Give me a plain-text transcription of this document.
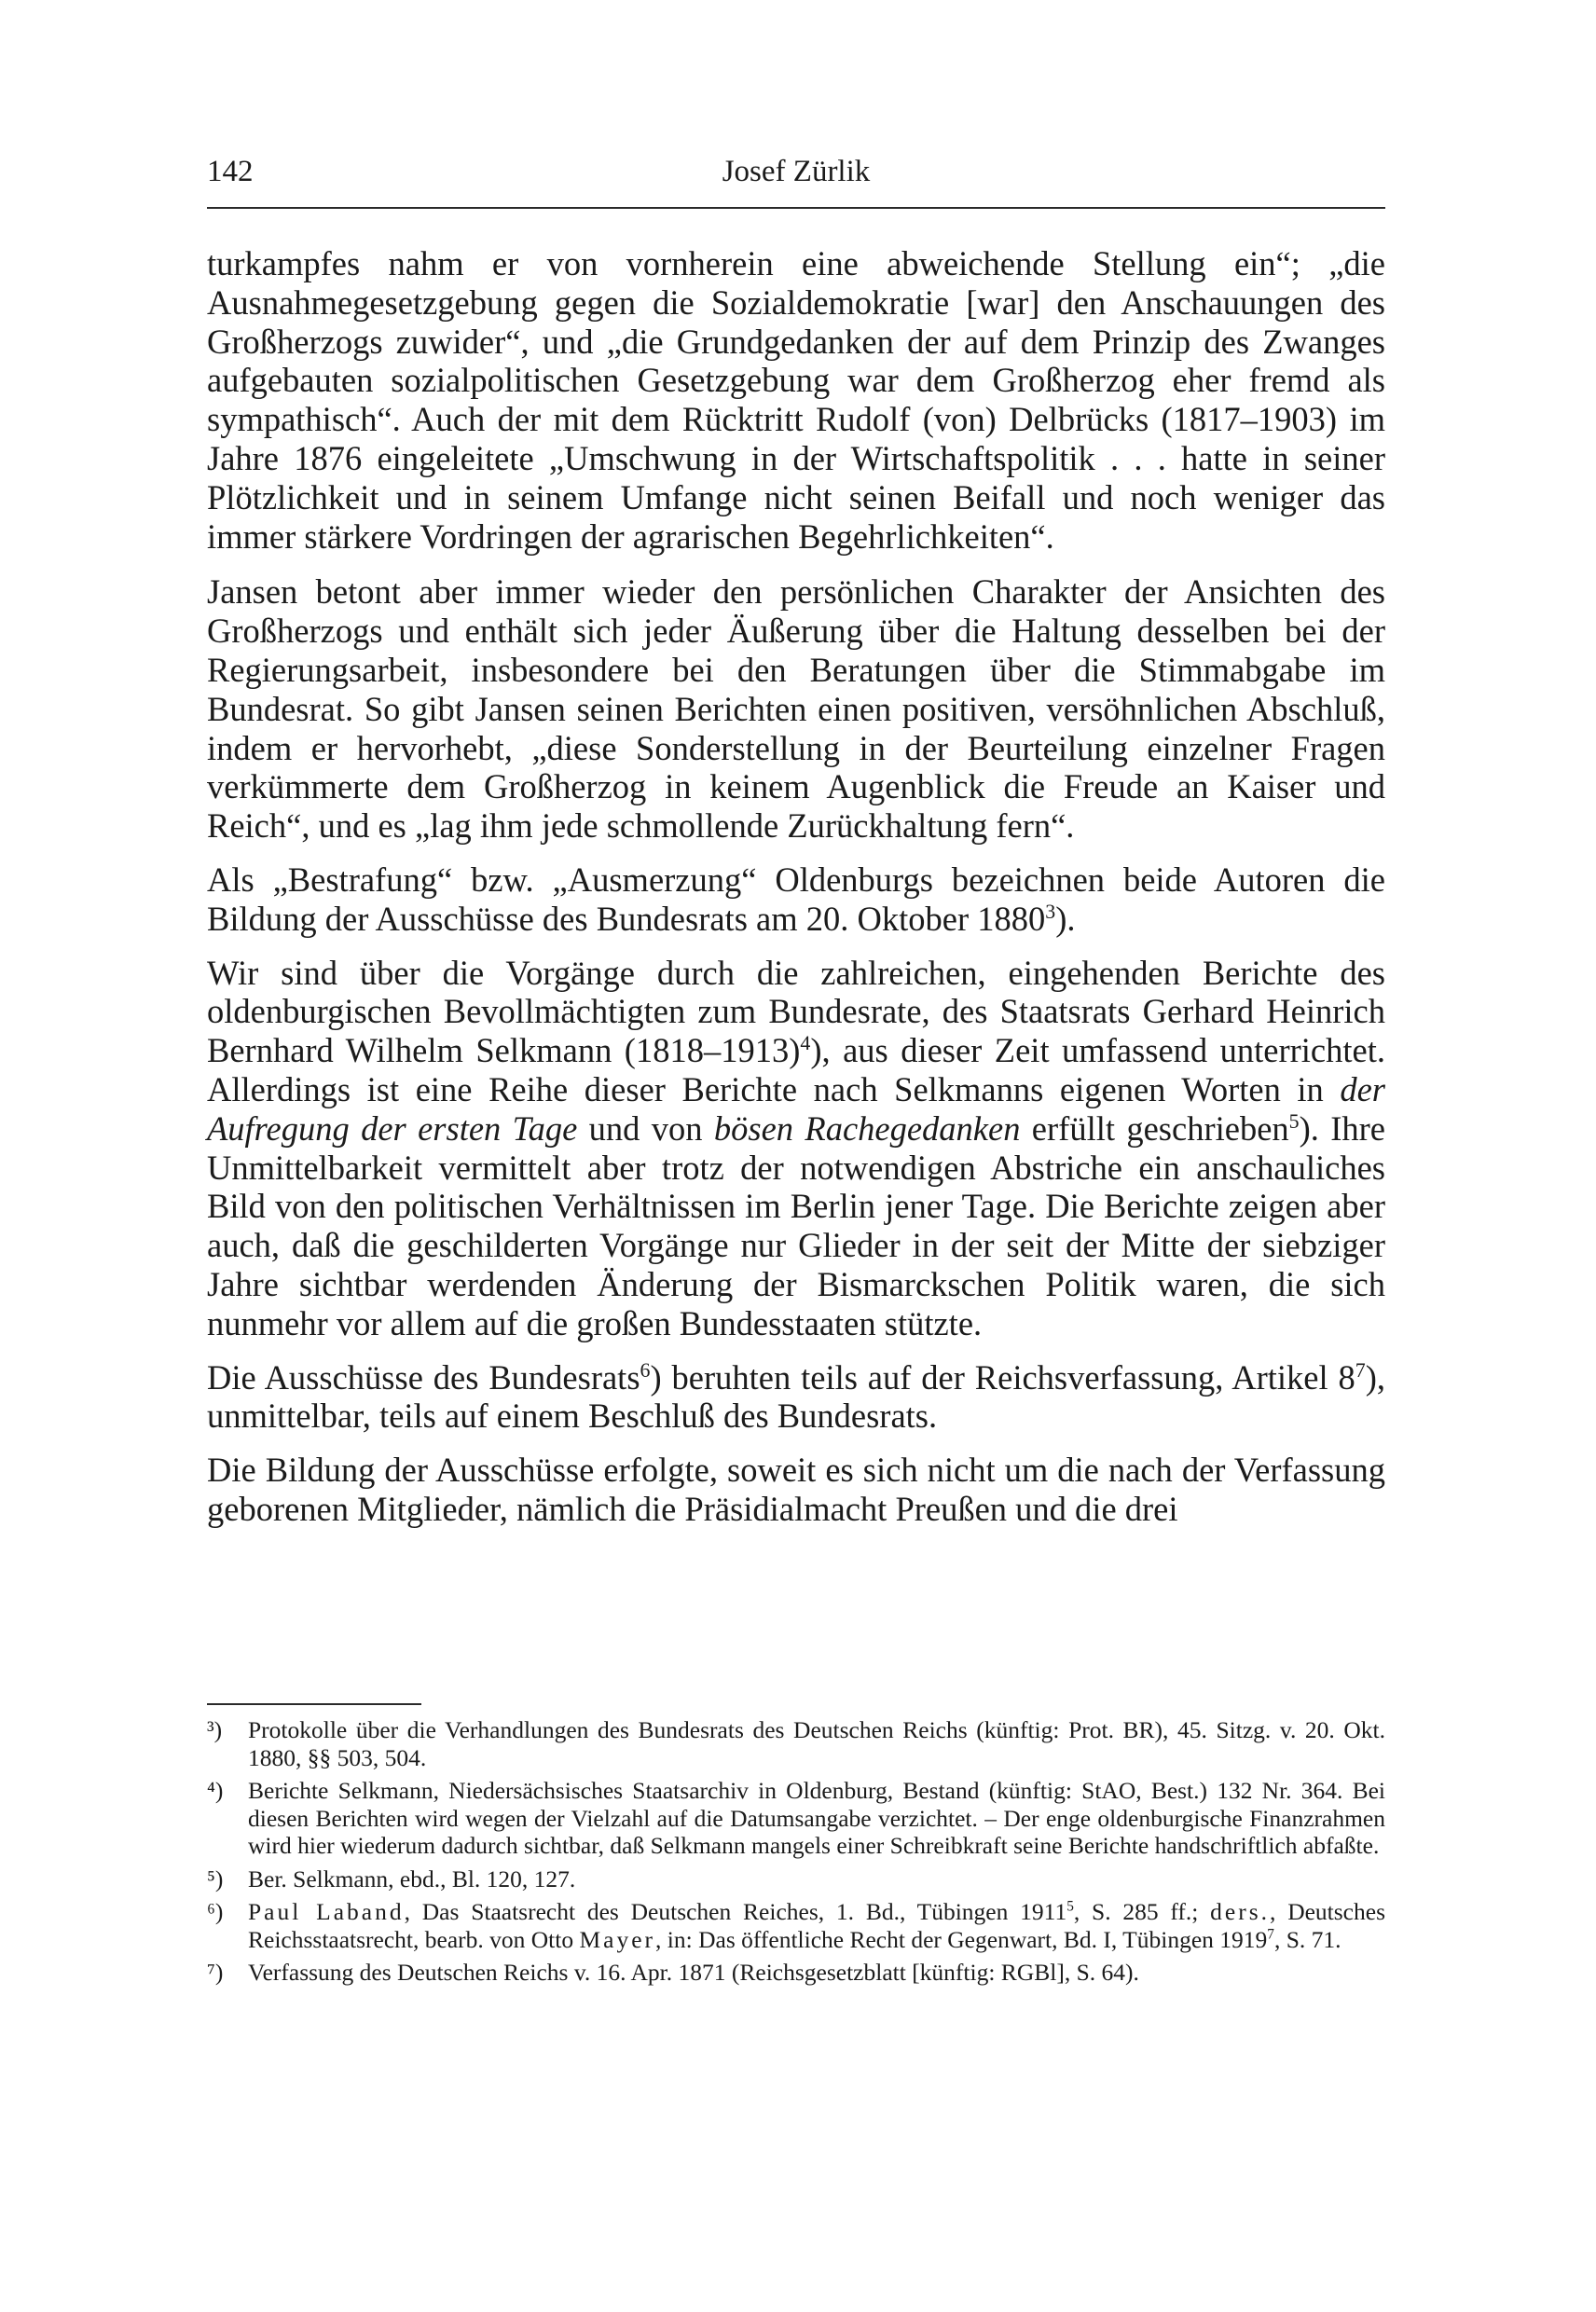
142	Josef Zürlik

turkampfes nahm er von vornherein eine abweichende Stellung ein“; „die Ausnahmegesetzgebung gegen die Sozialdemokratie [war] den Anschauungen des Großherzogs zuwider“, und „die Grundgedanken der auf dem Prinzip des Zwanges aufgebauten sozialpolitischen Gesetzgebung war dem Großherzog eher fremd als sympathisch“. Auch der mit dem Rücktritt Rudolf (von) Delbrücks (1817–1903) im Jahre 1876 eingeleitete „Umschwung in der Wirtschaftspolitik . . . hatte in seiner Plötzlichkeit und in seinem Umfange nicht seinen Beifall und noch weniger das immer stärkere Vordringen der agrarischen Begehrlichkeiten“.

Jansen betont aber immer wieder den persönlichen Charakter der Ansichten des Großherzogs und enthält sich jeder Äußerung über die Haltung desselben bei der Regierungsarbeit, insbesondere bei den Beratungen über die Stimmabgabe im Bundesrat. So gibt Jansen seinen Berichten einen positiven, versöhnlichen Abschluß, indem er hervorhebt, „diese Sonderstellung in der Beurteilung einzelner Fragen verkümmerte dem Großherzog in keinem Augenblick die Freude an Kaiser und Reich“, und es „lag ihm jede schmollende Zurückhaltung fern“.

Als „Bestrafung“ bzw. „Ausmerzung“ Oldenburgs bezeichnen beide Autoren die Bildung der Ausschüsse des Bundesrats am 20. Oktober 1880$^3$).

Wir sind über die Vorgänge durch die zahlreichen, eingehenden Berichte des oldenburgischen Bevollmächtigten zum Bundesrate, des Staatsrats Gerhard Heinrich Bernhard Wilhelm Selkmann (1818–1913)$^4$), aus dieser Zeit umfassend unterrichtet. Allerdings ist eine Reihe dieser Berichte nach Selkmanns eigenen Worten in der Aufregung der ersten Tage und von bösen Rachegedanken erfüllt geschrieben$^5$). Ihre Unmittelbarkeit vermittelt aber trotz der notwendigen Abstriche ein anschauliches Bild von den politischen Verhältnissen im Berlin jener Tage. Die Berichte zeigen aber auch, daß die geschilderten Vorgänge nur Glieder in der seit der Mitte der siebziger Jahre sichtbar werdenden Änderung der Bismarckschen Politik waren, die sich nunmehr vor allem auf die großen Bundesstaaten stützte.

Die Ausschüsse des Bundesrats$^6$) beruhten teils auf der Reichsverfassung, Artikel $8^7$), unmittelbar, teils auf einem Beschluß des Bundesrats.

Die Bildung der Ausschüsse erfolgte, soweit es sich nicht um die nach der Verfassung geborenen Mitglieder, nämlich die Präsidialmacht Preußen und die drei

³)	Protokolle über die Verhandlungen des Bundesrats des Deutschen Reichs (künftig: Prot. BR), 45. Sitzg. v. 20. Okt. 1880, §§ 503, 504.
⁴)	Berichte Selkmann, Niedersächsisches Staatsarchiv in Oldenburg, Bestand (künftig: StAO, Best.) 132 Nr. 364. Bei diesen Berichten wird wegen der Vielzahl auf die Datumsangabe verzichtet. – Der enge oldenburgische Finanzrahmen wird hier wiederum dadurch sichtbar, daß Selkmann mangels einer Schreibkraft seine Berichte handschriftlich abfaßte.
⁵)	Ber. Selkmann, ebd., Bl. 120, 127.
⁶)	Paul Laband, Das Staatsrecht des Deutschen Reiches, 1. Bd., Tübingen 1911$^5$, S. 285 ff.; ders., Deutsches Reichsstaatsrecht, bearb. von Otto Mayer, in: Das öffentliche Recht der Gegenwart, Bd. I, Tübingen 1919$^7$, S. 71.
⁷)	Verfassung des Deutschen Reichs v. 16. Apr. 1871 (Reichsgesetzblatt [künftig: RGBl], S. 64).
